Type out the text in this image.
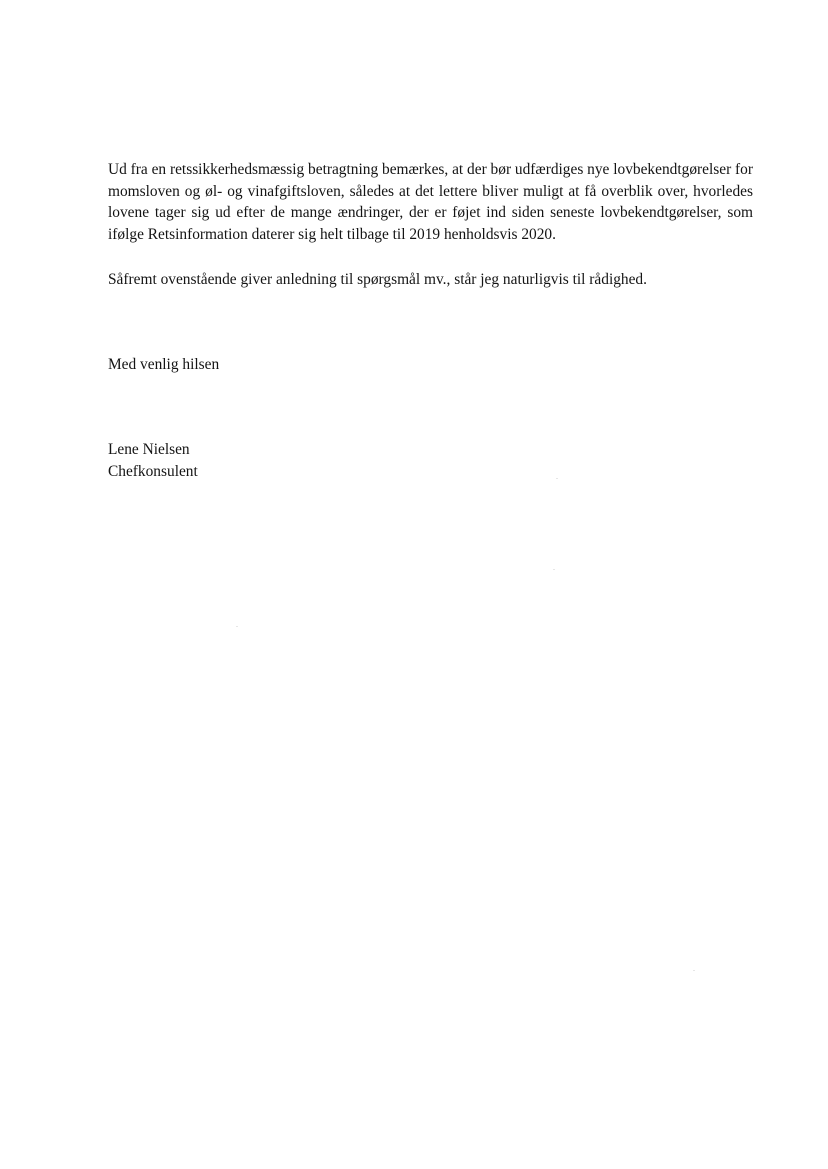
Ud fra en retssikkerhedsmæssig betragtning bemærkes, at der bør udfærdiges nye lovbekendtgørelser for momsloven og øl- og vinafgiftsloven, således at det lettere bliver muligt at få overblik over, hvorledes lovene tager sig ud efter de mange ændringer, der er føjet ind siden seneste lovbekendtgørelser, som ifølge Retsinformation daterer sig helt tilbage til 2019 henholdsvis 2020.

Såfremt ovenstående giver anledning til spørgsmål mv., står jeg naturligvis til rådighed.

Med venlig hilsen

Lene Nielsen

Chefkonsulent
